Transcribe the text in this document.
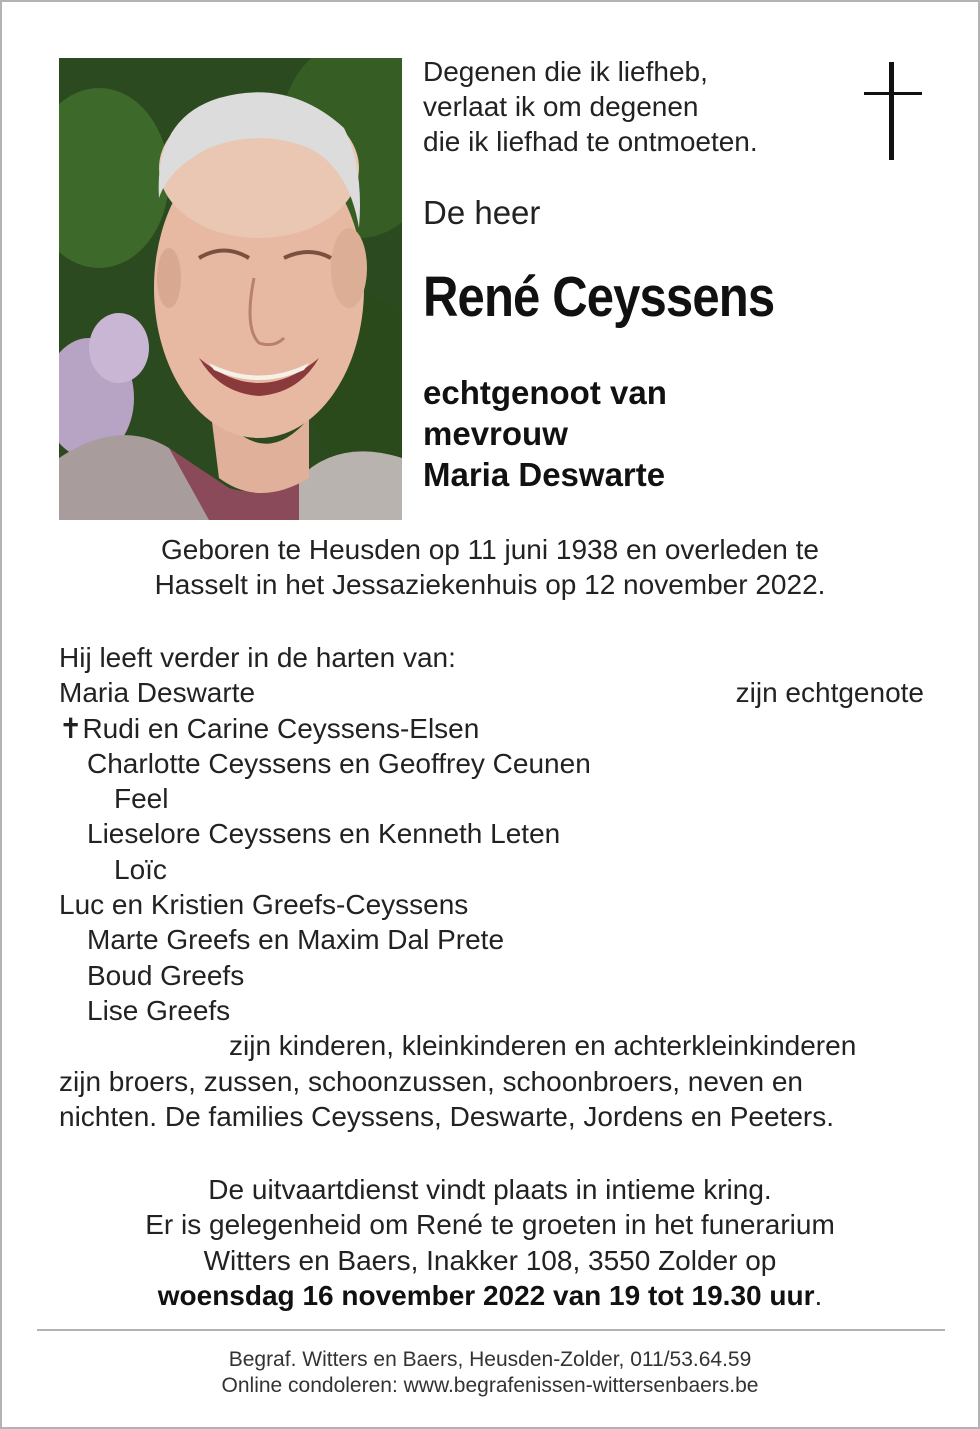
Degenen die ik liefheb,
verlaat ik om degenen
die ik liefhad te ontmoeten.
De heer
René Ceyssens
echtgenoot van
mevrouw
Maria Deswarte
Geboren te Heusden op 11 juni 1938 en overleden te
Hasselt in het Jessaziekenhuis op 12 november 2022.
Hij leeft verder in de harten van:
Maria Deswarte	zijn echtgenote
✝Rudi en Carine Ceyssens-Elsen
Charlotte Ceyssens en Geoffrey Ceunen
Feel
Lieselore Ceyssens en Kenneth Leten
Loïc
Luc en Kristien Greefs-Ceyssens
Marte Greefs en Maxim Dal Prete
Boud Greefs
Lise Greefs
zijn kinderen, kleinkinderen en achterkleinkinderen
zijn broers, zussen, schoonzussen, schoonbroers, neven en
nichten. De families Ceyssens, Deswarte, Jordens en Peeters.
De uitvaartdienst vindt plaats in intieme kring.
Er is gelegenheid om René te groeten in het funerarium
Witters en Baers, Inakker 108, 3550 Zolder op
woensdag 16 november 2022 van 19 tot 19.30 uur.
Begraf. Witters en Baers, Heusden-Zolder, 011/53.64.59
Online condoleren: www.begrafenissen-wittersenbaers.be
